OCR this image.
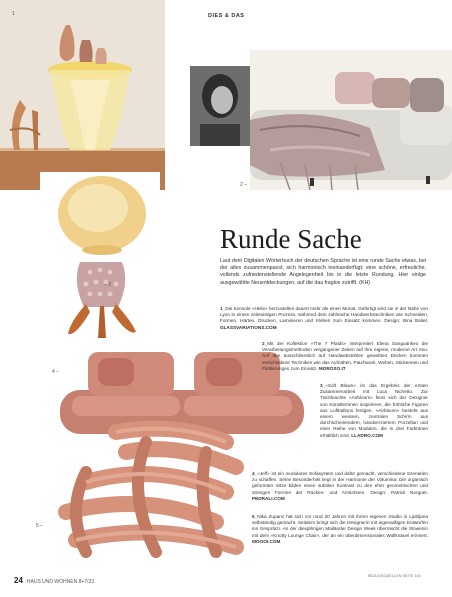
DIES & DAS
1
2 –
– 3
4 –
5 –
Runde Sache
Laut dem Digitalen Wörterbuch der deutschen Sprache ist eine runde Sache etwas, bei der alles zusammenpasst, sich harmonisch ineinanderfügt; eine schöne, erfreuliche, vollends zufriedenstellende Angelegenheit bis in die letzte Rundung. Hier einige ausgewählte Neuentdeckungen, auf die das fraglos zutrifft. (KH)
1_Die Konsole «Helix» herzustellen dauert mehr als einen Monat. Gefertigt wird sie in der Nähe von Lyon in einem zeitexistigen Prozess, während dem zahlreiche Handwerkstechniken wie Schneiden, Formen, Härten, Drucken, Laminieren und Kleben zum Einsatz kommen. Design: Bina Baitel. GLASSVARIATIONS.COM
2_Mit der Kollektion «The 7 Plaids» interpretiert Elena Sanguankeo die Verarbeitungsmethoden vergangener Zeiten auf ihre eigene, moderne Art neu. Auf den ausschliesslich auf Handwebstühlen gewebten Decken kommen verschiedene Techniken wie das Aufnähen, Patchwork, Weben, Stickereien und Flottierungen zum Einsatz. MOROSO.IT
3_«Soft Blown» ist das Ergebnis der ersten Zusammenarbeit mit Luca Nichetto. Zur Tischleuchte «Airbloom» fiess sich der Designer von Künstlerinnen inspirieren, die fröhliche Figuren aus Luftballons fertigen. «Airbloom» besteht aus einem weissen, zentralen Schirm aus durchscheinendem, handverziertem Porzellan und einer Reihe von Modulen, die in drei Farbtönen erhältlich sind. LLADRO.COM
4_«Jeff» ist ein modulares Sofasystem und dafür gemacht, verschiedene Szenarien zu schaffen. Seine Besonderheit liegt in der Harmonie der Volumina: Die organisch geformten Sitze bilden einen subtilen Kontrast zu den eher geometrischen und strengen Formen der Rücken- und Armlehnen. Design: Patrick Norguet. PEDRALI.COM
5_Nika Zupanc hat sich vor rund 20 Jahren mit ihrem eigenen Studio in Ljubljana selbständig gemacht. Seitdem bringt sich die Designerin mit eigenwilligen Entwürfen ins Gespräch. An der diesjährigen Mailänder Design Week überrascht die Slowenin mit dem «Knotty Lounge Chair», der an ein überdimensionales Wollknäuel erinnert. MOOOI.COM
BEZUGSQUELLEN SEITE 140
24 HAUS UND WOHNEN 8+7/23
